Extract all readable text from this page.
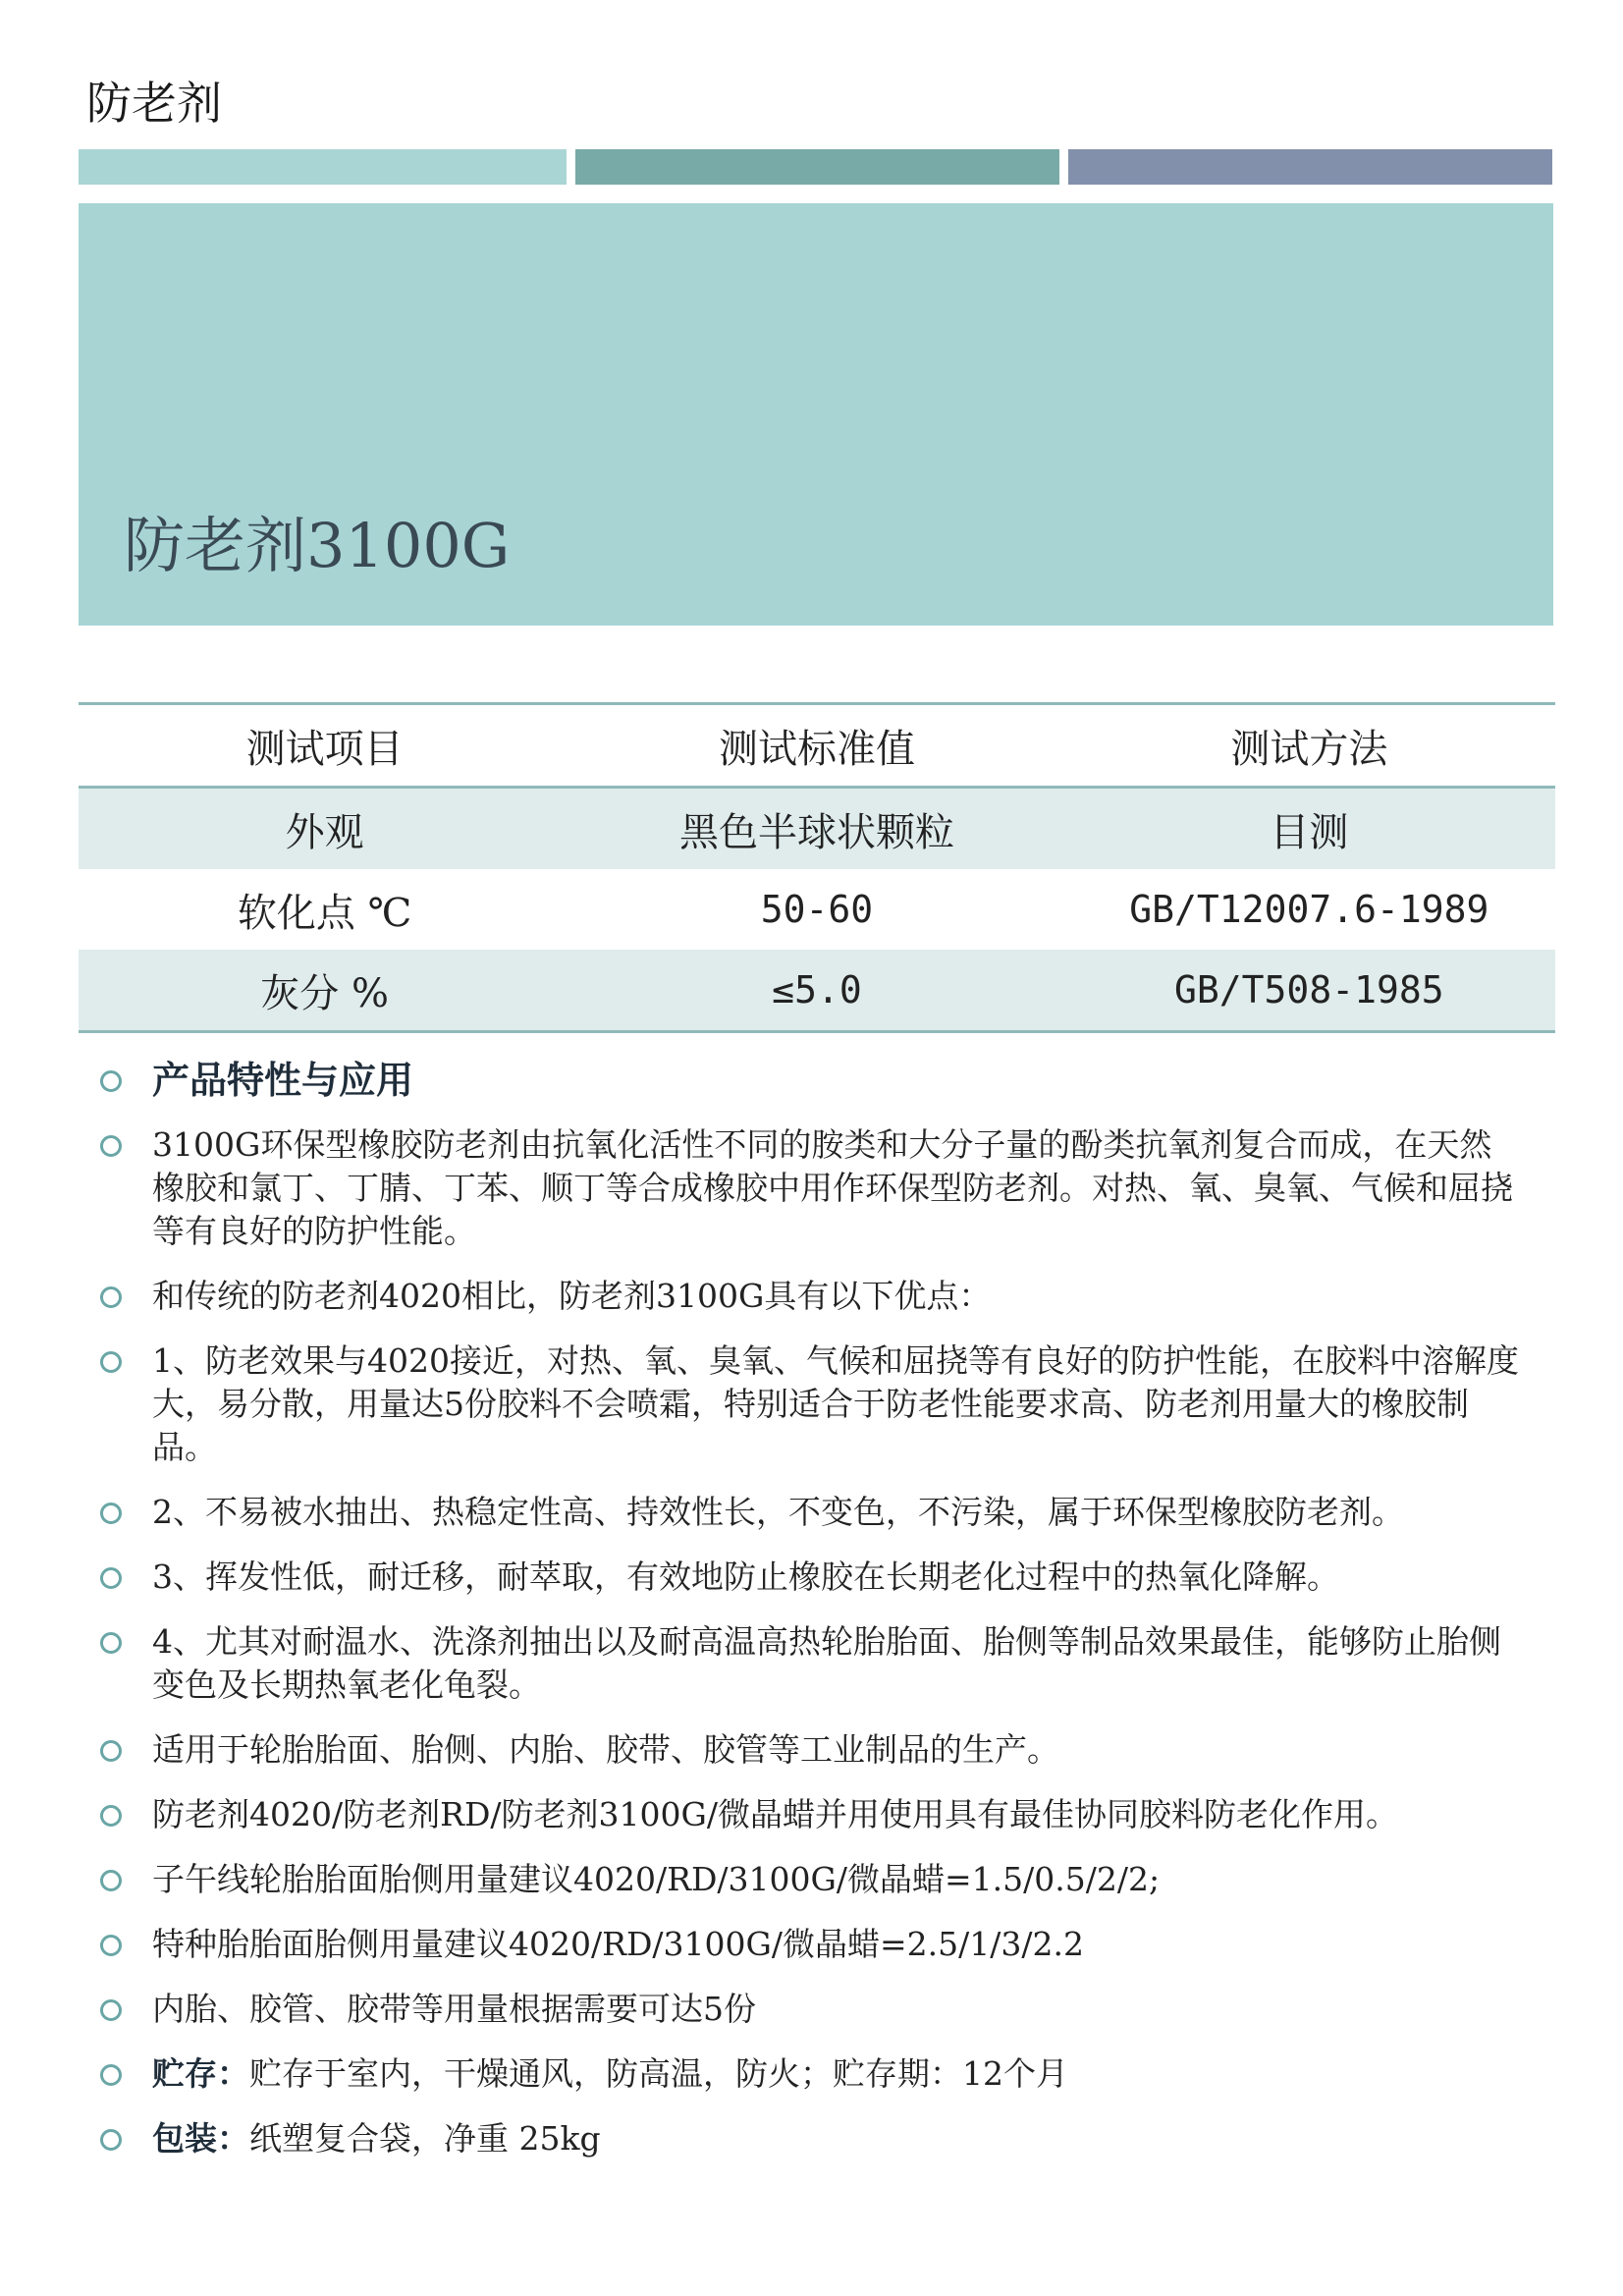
防老剂
防老剂3100G
测试项目	测试标准值	测试方法
外观	黑色半球状颗粒	目测
软化点 ℃	50-60	GB/T12007.6-1989
灰分 %	≤5.0	GB/T508-1985
产品特性与应用
3100G环保型橡胶防老剂由抗氧化活性不同的胺类和大分子量的酚类抗氧剂复合而成，在天然橡胶和氯丁、丁腈、丁苯、顺丁等合成橡胶中用作环保型防老剂。对热、氧、臭氧、气候和屈挠等有良好的防护性能。
和传统的防老剂4020相比，防老剂3100G具有以下优点：
1、防老效果与4020接近，对热、氧、臭氧、气候和屈挠等有良好的防护性能，在胶料中溶解度大，易分散，用量达5份胶料不会喷霜，特别适合于防老性能要求高、防老剂用量大的橡胶制品。
2、不易被水抽出、热稳定性高、持效性长，不变色，不污染，属于环保型橡胶防老剂。
3、挥发性低，耐迁移，耐萃取，有效地防止橡胶在长期老化过程中的热氧化降解。
4、尤其对耐温水、洗涤剂抽出以及耐高温高热轮胎胎面、胎侧等制品效果最佳，能够防止胎侧变色及长期热氧老化龟裂。
适用于轮胎胎面、胎侧、内胎、胶带、胶管等工业制品的生产。
防老剂4020/防老剂RD/防老剂3100G/微晶蜡并用使用具有最佳协同胶料防老化作用。
子午线轮胎胎面胎侧用量建议4020/RD/3100G/微晶蜡=1.5/0.5/2/2;
特种胎胎面胎侧用量建议4020/RD/3100G/微晶蜡=2.5/1/3/2.2
内胎、胶管、胶带等用量根据需要可达5份
贮存：贮存于室内，干燥通风，防高温，防火；贮存期：12个月
包装：纸塑复合袋，净重 25kg
